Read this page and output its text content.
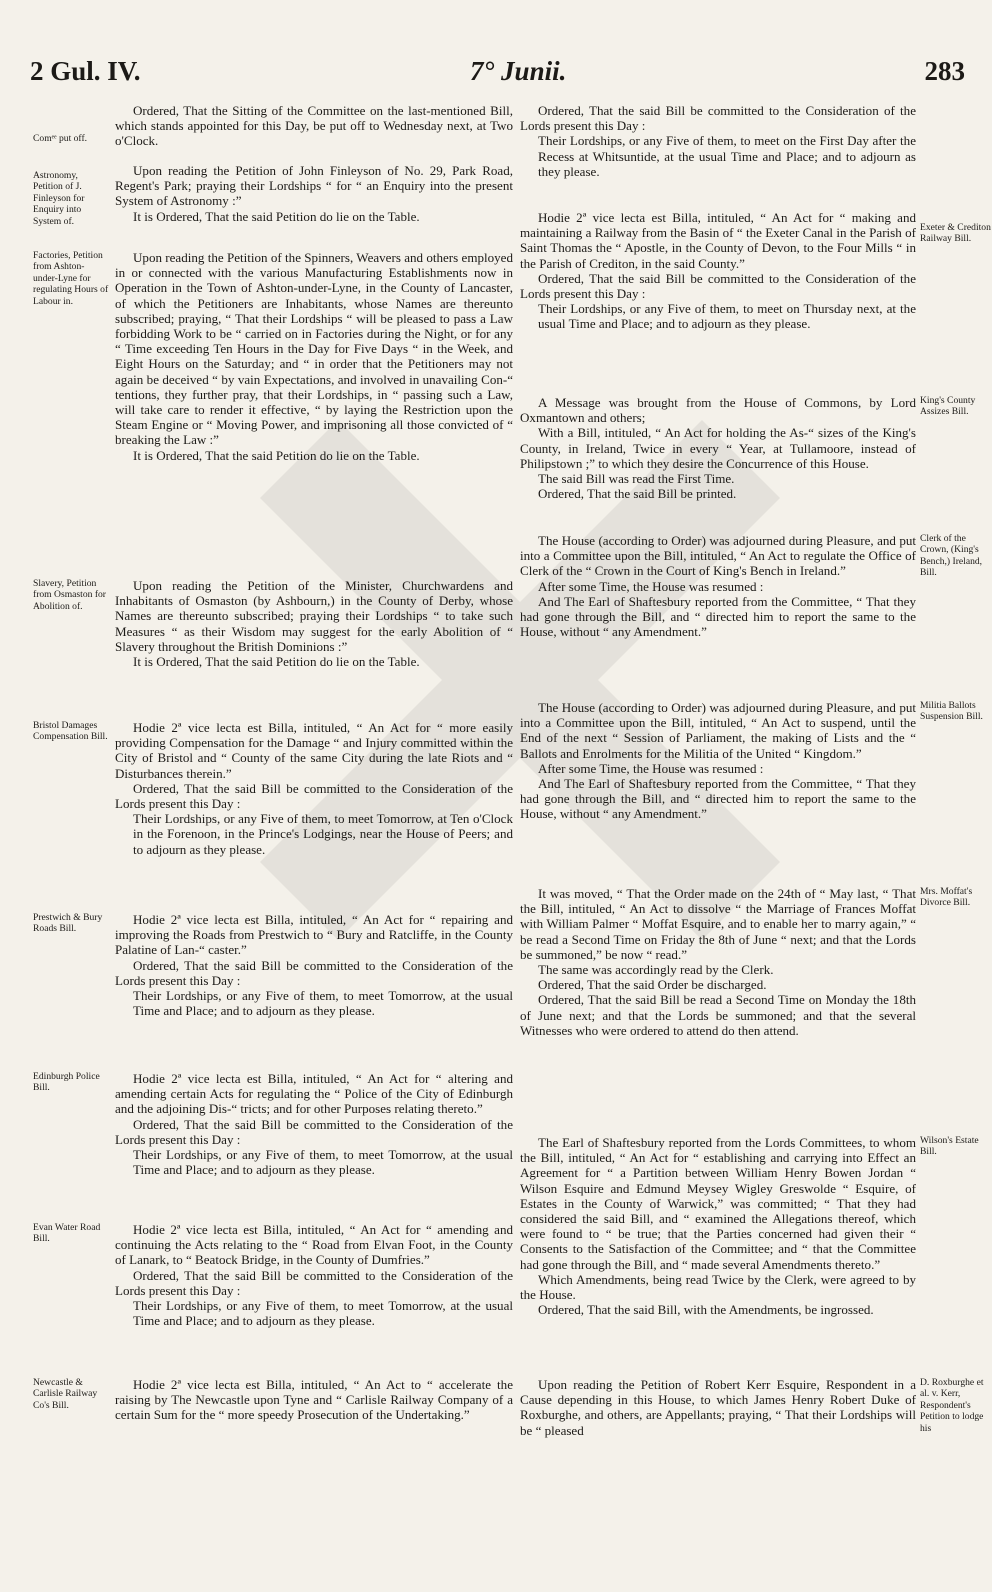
2 Gul. IV.	7° Junii.	283
Comᵉᵉ put off.
Astronomy, Petition of J. Finleyson for Enquiry into System of.
Factories, Petition from Ashton-under-Lyne for regulating Hours of Labour in.
Slavery, Petition from Osmaston for Abolition of.
Bristol Damages Compensation Bill.
Prestwich & Bury Roads Bill.
Edinburgh Police Bill.
Evan Water Road Bill.
Newcastle & Carlisle Railway Co's Bill.

Ordered, That the Sitting of the Committee on the last-mentioned Bill, which stands appointed for this Day, be put off to Wednesday next, at Two o'Clock.

Upon reading the Petition of John Finleyson of No. 29, Park Road, Regent's Park; praying their Lordships “ for “ an Enquiry into the present System of Astronomy :”

It is Ordered, That the said Petition do lie on the Table.

Upon reading the Petition of the Spinners, Weavers and others employed in or connected with the various Manufacturing Establishments now in Operation in the Town of Ashton-under-Lyne, in the County of Lancaster, of which the Petitioners are Inhabitants, whose Names are thereunto subscribed; praying, “ That their Lordships “ will be pleased to pass a Law forbidding Work to be “ carried on in Factories during the Night, or for any “ Time exceeding Ten Hours in the Day for Five Days “ in the Week, and Eight Hours on the Saturday; and “ in order that the Petitioners may not again be deceived “ by vain Expectations, and involved in unavailing Con-“ tentions, they further pray, that their Lordships, in “ passing such a Law, will take care to render it effective, “ by laying the Restriction upon the Steam Engine or “ Moving Power, and imprisoning all those convicted of “ breaking the Law :”

It is Ordered, That the said Petition do lie on the Table.

Upon reading the Petition of the Minister, Churchwardens and Inhabitants of Osmaston (by Ashbourn,) in the County of Derby, whose Names are thereunto subscribed; praying their Lordships “ to take such Measures “ as their Wisdom may suggest for the early Abolition of “ Slavery throughout the British Dominions :”

It is Ordered, That the said Petition do lie on the Table.

Hodie 2ª vice lecta est Billa, intituled, “ An Act for “ more easily providing Compensation for the Damage “ and Injury committed within the City of Bristol and “ County of the same City during the late Riots and “ Disturbances therein.”

Ordered, That the said Bill be committed to the Consideration of the Lords present this Day :

Their Lordships, or any Five of them, to meet Tomorrow, at Ten o'Clock in the Forenoon, in the Prince's Lodgings, near the House of Peers; and to adjourn as they please.

Hodie 2ª vice lecta est Billa, intituled, “ An Act for “ repairing and improving the Roads from Prestwich to “ Bury and Ratcliffe, in the County Palatine of Lan-“ caster.”

Ordered, That the said Bill be committed to the Consideration of the Lords present this Day :

Their Lordships, or any Five of them, to meet Tomorrow, at the usual Time and Place; and to adjourn as they please.

Hodie 2ª vice lecta est Billa, intituled, “ An Act for “ altering and amending certain Acts for regulating the “ Police of the City of Edinburgh and the adjoining Dis-“ tricts; and for other Purposes relating thereto.”

Ordered, That the said Bill be committed to the Consideration of the Lords present this Day :

Their Lordships, or any Five of them, to meet Tomorrow, at the usual Time and Place; and to adjourn as they please.

Hodie 2ª vice lecta est Billa, intituled, “ An Act for “ amending and continuing the Acts relating to the “ Road from Elvan Foot, in the County of Lanark, to “ Beatock Bridge, in the County of Dumfries.”

Ordered, That the said Bill be committed to the Consideration of the Lords present this Day :

Their Lordships, or any Five of them, to meet Tomorrow, at the usual Time and Place; and to adjourn as they please.

Hodie 2ª vice lecta est Billa, intituled, “ An Act to “ accelerate the raising by The Newcastle upon Tyne and “ Carlisle Railway Company of a certain Sum for the “ more speedy Prosecution of the Undertaking.”

Ordered, That the said Bill be committed to the Consideration of the Lords present this Day :

Their Lordships, or any Five of them, to meet on the First Day after the Recess at Whitsuntide, at the usual Time and Place; and to adjourn as they please.

Hodie 2ª vice lecta est Billa, intituled, “ An Act for “ making and maintaining a Railway from the Basin of “ the Exeter Canal in the Parish of Saint Thomas the “ Apostle, in the County of Devon, to the Four Mills “ in the Parish of Crediton, in the said County.”

Ordered, That the said Bill be committed to the Consideration of the Lords present this Day :

Their Lordships, or any Five of them, to meet on Thursday next, at the usual Time and Place; and to adjourn as they please.

A Message was brought from the House of Commons, by Lord Oxmantown and others;

With a Bill, intituled, “ An Act for holding the As-“ sizes of the King's County, in Ireland, Twice in every “ Year, at Tullamoore, instead of Philipstown ;” to which they desire the Concurrence of this House.

The said Bill was read the First Time.

Ordered, That the said Bill be printed.

The House (according to Order) was adjourned during Pleasure, and put into a Committee upon the Bill, intituled, “ An Act to regulate the Office of Clerk of the “ Crown in the Court of King's Bench in Ireland.”

After some Time, the House was resumed :

And The Earl of Shaftesbury reported from the Committee, “ That they had gone through the Bill, and “ directed him to report the same to the House, without “ any Amendment.”

The House (according to Order) was adjourned during Pleasure, and put into a Committee upon the Bill, intituled, “ An Act to suspend, until the End of the next “ Session of Parliament, the making of Lists and the “ Ballots and Enrolments for the Militia of the United “ Kingdom.”

After some Time, the House was resumed :

And The Earl of Shaftesbury reported from the Committee, “ That they had gone through the Bill, and “ directed him to report the same to the House, without “ any Amendment.”

It was moved, “ That the Order made on the 24th of “ May last, “ That the Bill, intituled, “ An Act to dissolve “ the Marriage of Frances Moffat with William Palmer “ Moffat Esquire, and to enable her to marry again,” “ be read a Second Time on Friday the 8th of June “ next; and that the Lords be summoned,” be now “ read.”

The same was accordingly read by the Clerk.

Ordered, That the said Order be discharged.

Ordered, That the said Bill be read a Second Time on Monday the 18th of June next; and that the Lords be summoned; and that the several Witnesses who were ordered to attend do then attend.

The Earl of Shaftesbury reported from the Lords Committees, to whom the Bill, intituled, “ An Act for “ establishing and carrying into Effect an Agreement for “ a Partition between William Henry Bowen Jordan “ Wilson Esquire and Edmund Meysey Wigley Greswolde “ Esquire, of Estates in the County of Warwick,” was committed; “ That they had considered the said Bill, and “ examined the Allegations thereof, which were found to “ be true; that the Parties concerned had given their “ Consents to the Satisfaction of the Committee; and “ that the Committee had gone through the Bill, and “ made several Amendments thereto.”

Which Amendments, being read Twice by the Clerk, were agreed to by the House.

Ordered, That the said Bill, with the Amendments, be ingrossed.

Upon reading the Petition of Robert Kerr Esquire, Respondent in a Cause depending in this House, to which James Henry Robert Duke of Roxburghe, and others, are Appellants; praying, “ That their Lordships will be “ pleased

Exeter & Crediton Railway Bill.
King's County Assizes Bill.
Clerk of the Crown, (King's Bench,) Ireland, Bill.
Militia Ballots Suspension Bill.
Mrs. Moffat's Divorce Bill.
Wilson's Estate Bill.
D. Roxburghe et al. v. Kerr, Respondent's Petition to lodge his
